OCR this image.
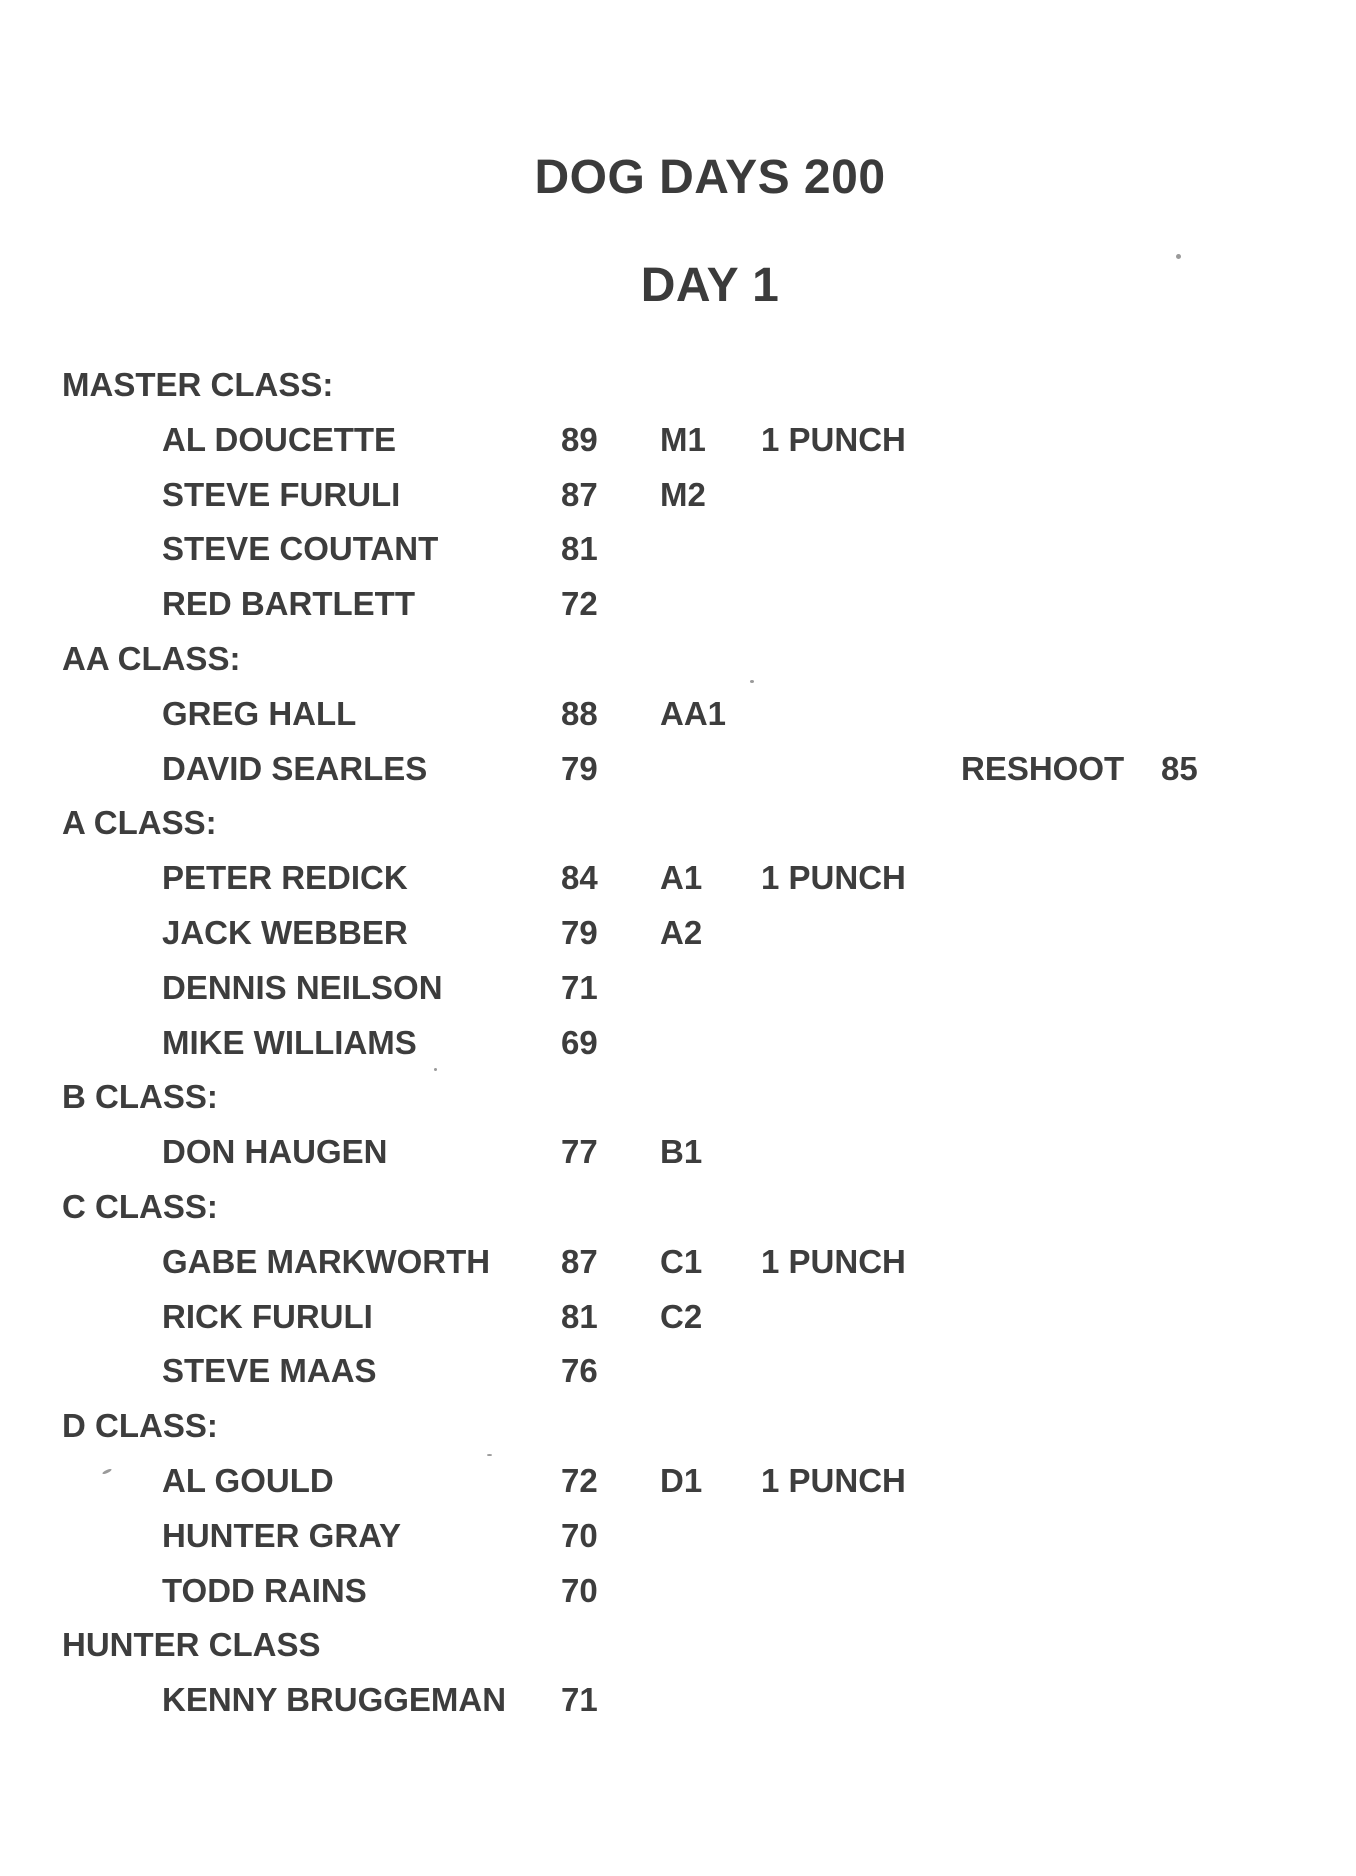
DOG DAYS 200
DAY 1
MASTER CLASS:
AL DOUCETTE	89 M1 1 PUNCH
STEVE FURULI	87 M2
STEVE COUTANT	81
RED BARTLETT	72
AA CLASS:
GREG HALL	88 AA1
DAVID SEARLES	79	RESHOOT 85
A CLASS:
PETER REDICK	84 A1 1 PUNCH
JACK WEBBER	79 A2
DENNIS NEILSON	71
MIKE WILLIAMS	69
B CLASS:
DON HAUGEN	77 B1
C CLASS:
GABE MARKWORTH 87 C1 1 PUNCH
RICK FURULI	81 C2
STEVE MAAS	76
D CLASS:
AL GOULD	72 D1 1 PUNCH
HUNTER GRAY	70
TODD RAINS	70
HUNTER CLASS
KENNY BRUGGEMAN 71
